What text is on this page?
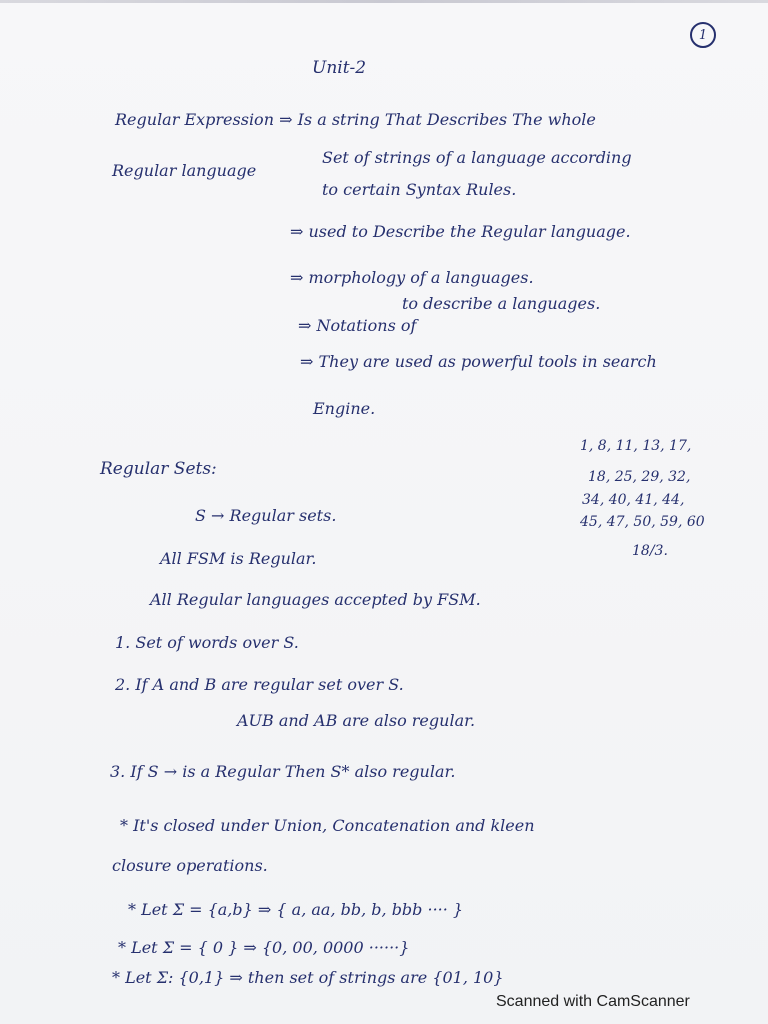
1
Unit-2
Regular Expression ⇒ Is a string That Describes The whole
Regular language
Set of strings of a language according
to certain Syntax Rules.
⇒ used to Describe the Regular language.
⇒ morphology of a languages.
to describe a languages.
⇒ Notations of
⇒ They are used as powerful tools in search
Engine.
Regular Sets:
S → Regular sets.
All FSM is Regular.
All Regular languages accepted by FSM.
1. Set of words over S.
2. If A and B are regular set over S.
AUB and AB are also regular.
3. If S → is a Regular Then S* also regular.
* It's closed under Union, Concatenation and kleen
closure operations.
* Let Σ = {a,b} ⇒ { a, aa, bb, b, bbb ···· }
* Let Σ = { 0 } ⇒ {0, 00, 0000 ······}
* Let Σ: {0,1} ⇒ then set of strings are {01, 10}
1, 8, 11, 13, 17,
18, 25, 29, 32,
34, 40, 41, 44,
45, 47, 50, 59, 60
18/3.
Scanned with CamScanner
